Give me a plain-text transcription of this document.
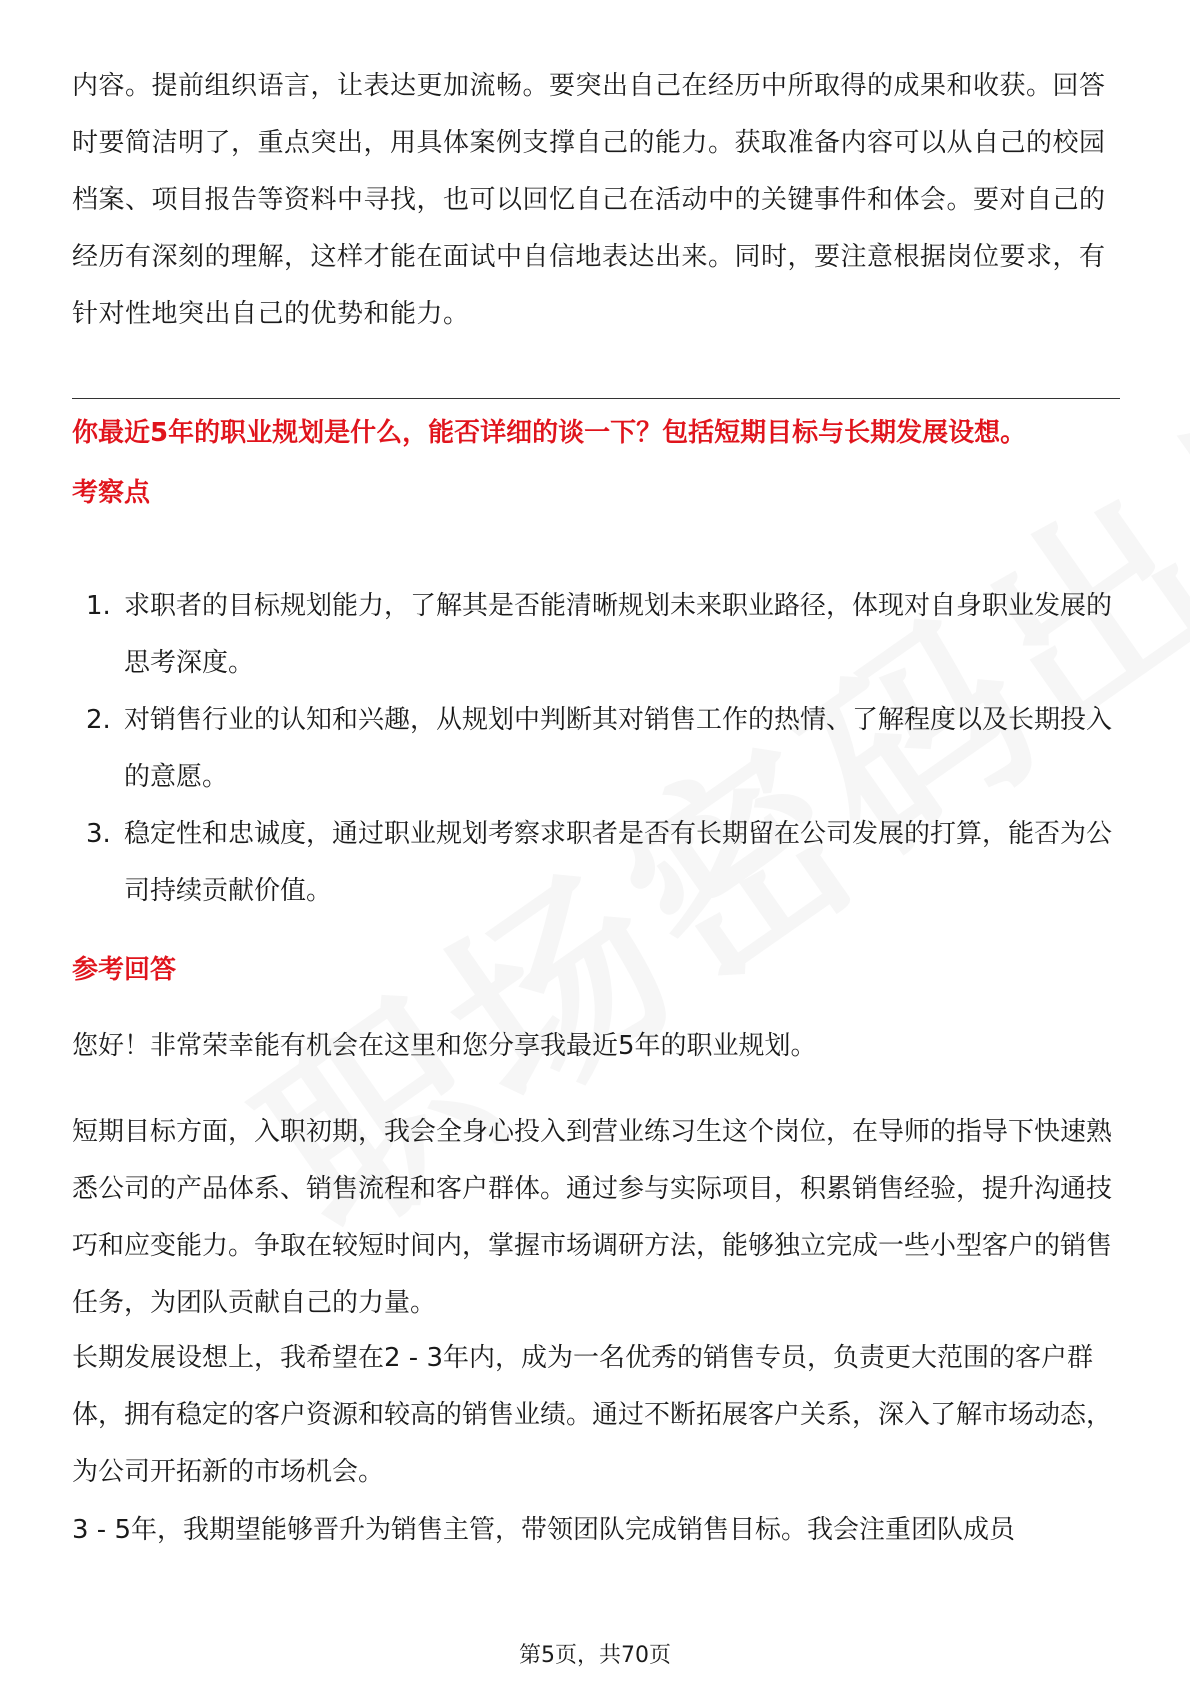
内容。提前组织语言，让表达更加流畅。要突出自己在经历中所取得的成果和收获。回答时要简洁明了，重点突出，用具体案例支撑自己的能力。获取准备内容可以从自己的校园档案、项目报告等资料中寻找，也可以回忆自己在活动中的关键事件和体会。要对自己的经历有深刻的理解，这样才能在面试中自信地表达出来。同时，要注意根据岗位要求，有针对性地突出自己的优势和能力。

你最近5年的职业规划是什么，能否详细的谈一下？包括短期目标与长期发展设想。

考察点

1. 求职者的目标规划能力，了解其是否能清晰规划未来职业路径，体现对自身职业发展的思考深度。
2. 对销售行业的认知和兴趣，从规划中判断其对销售工作的热情、了解程度以及长期投入的意愿。
3. 稳定性和忠诚度，通过职业规划考察求职者是否有长期留在公司发展的打算，能否为公司持续贡献价值。

参考回答

您好！非常荣幸能有机会在这里和您分享我最近5年的职业规划。

短期目标方面，入职初期，我会全身心投入到营业练习生这个岗位，在导师的指导下快速熟悉公司的产品体系、销售流程和客户群体。通过参与实际项目，积累销售经验，提升沟通技巧和应变能力。争取在较短时间内，掌握市场调研方法，能够独立完成一些小型客户的销售任务，为团队贡献自己的力量。

长期发展设想上，我希望在2 - 3年内，成为一名优秀的销售专员，负责更大范围的客户群体，拥有稳定的客户资源和较高的销售业绩。通过不断拓展客户关系，深入了解市场动态，为公司开拓新的市场机会。

3 - 5年，我期望能够晋升为销售主管，带领团队完成销售目标。我会注重团队成员

第5页，共70页
